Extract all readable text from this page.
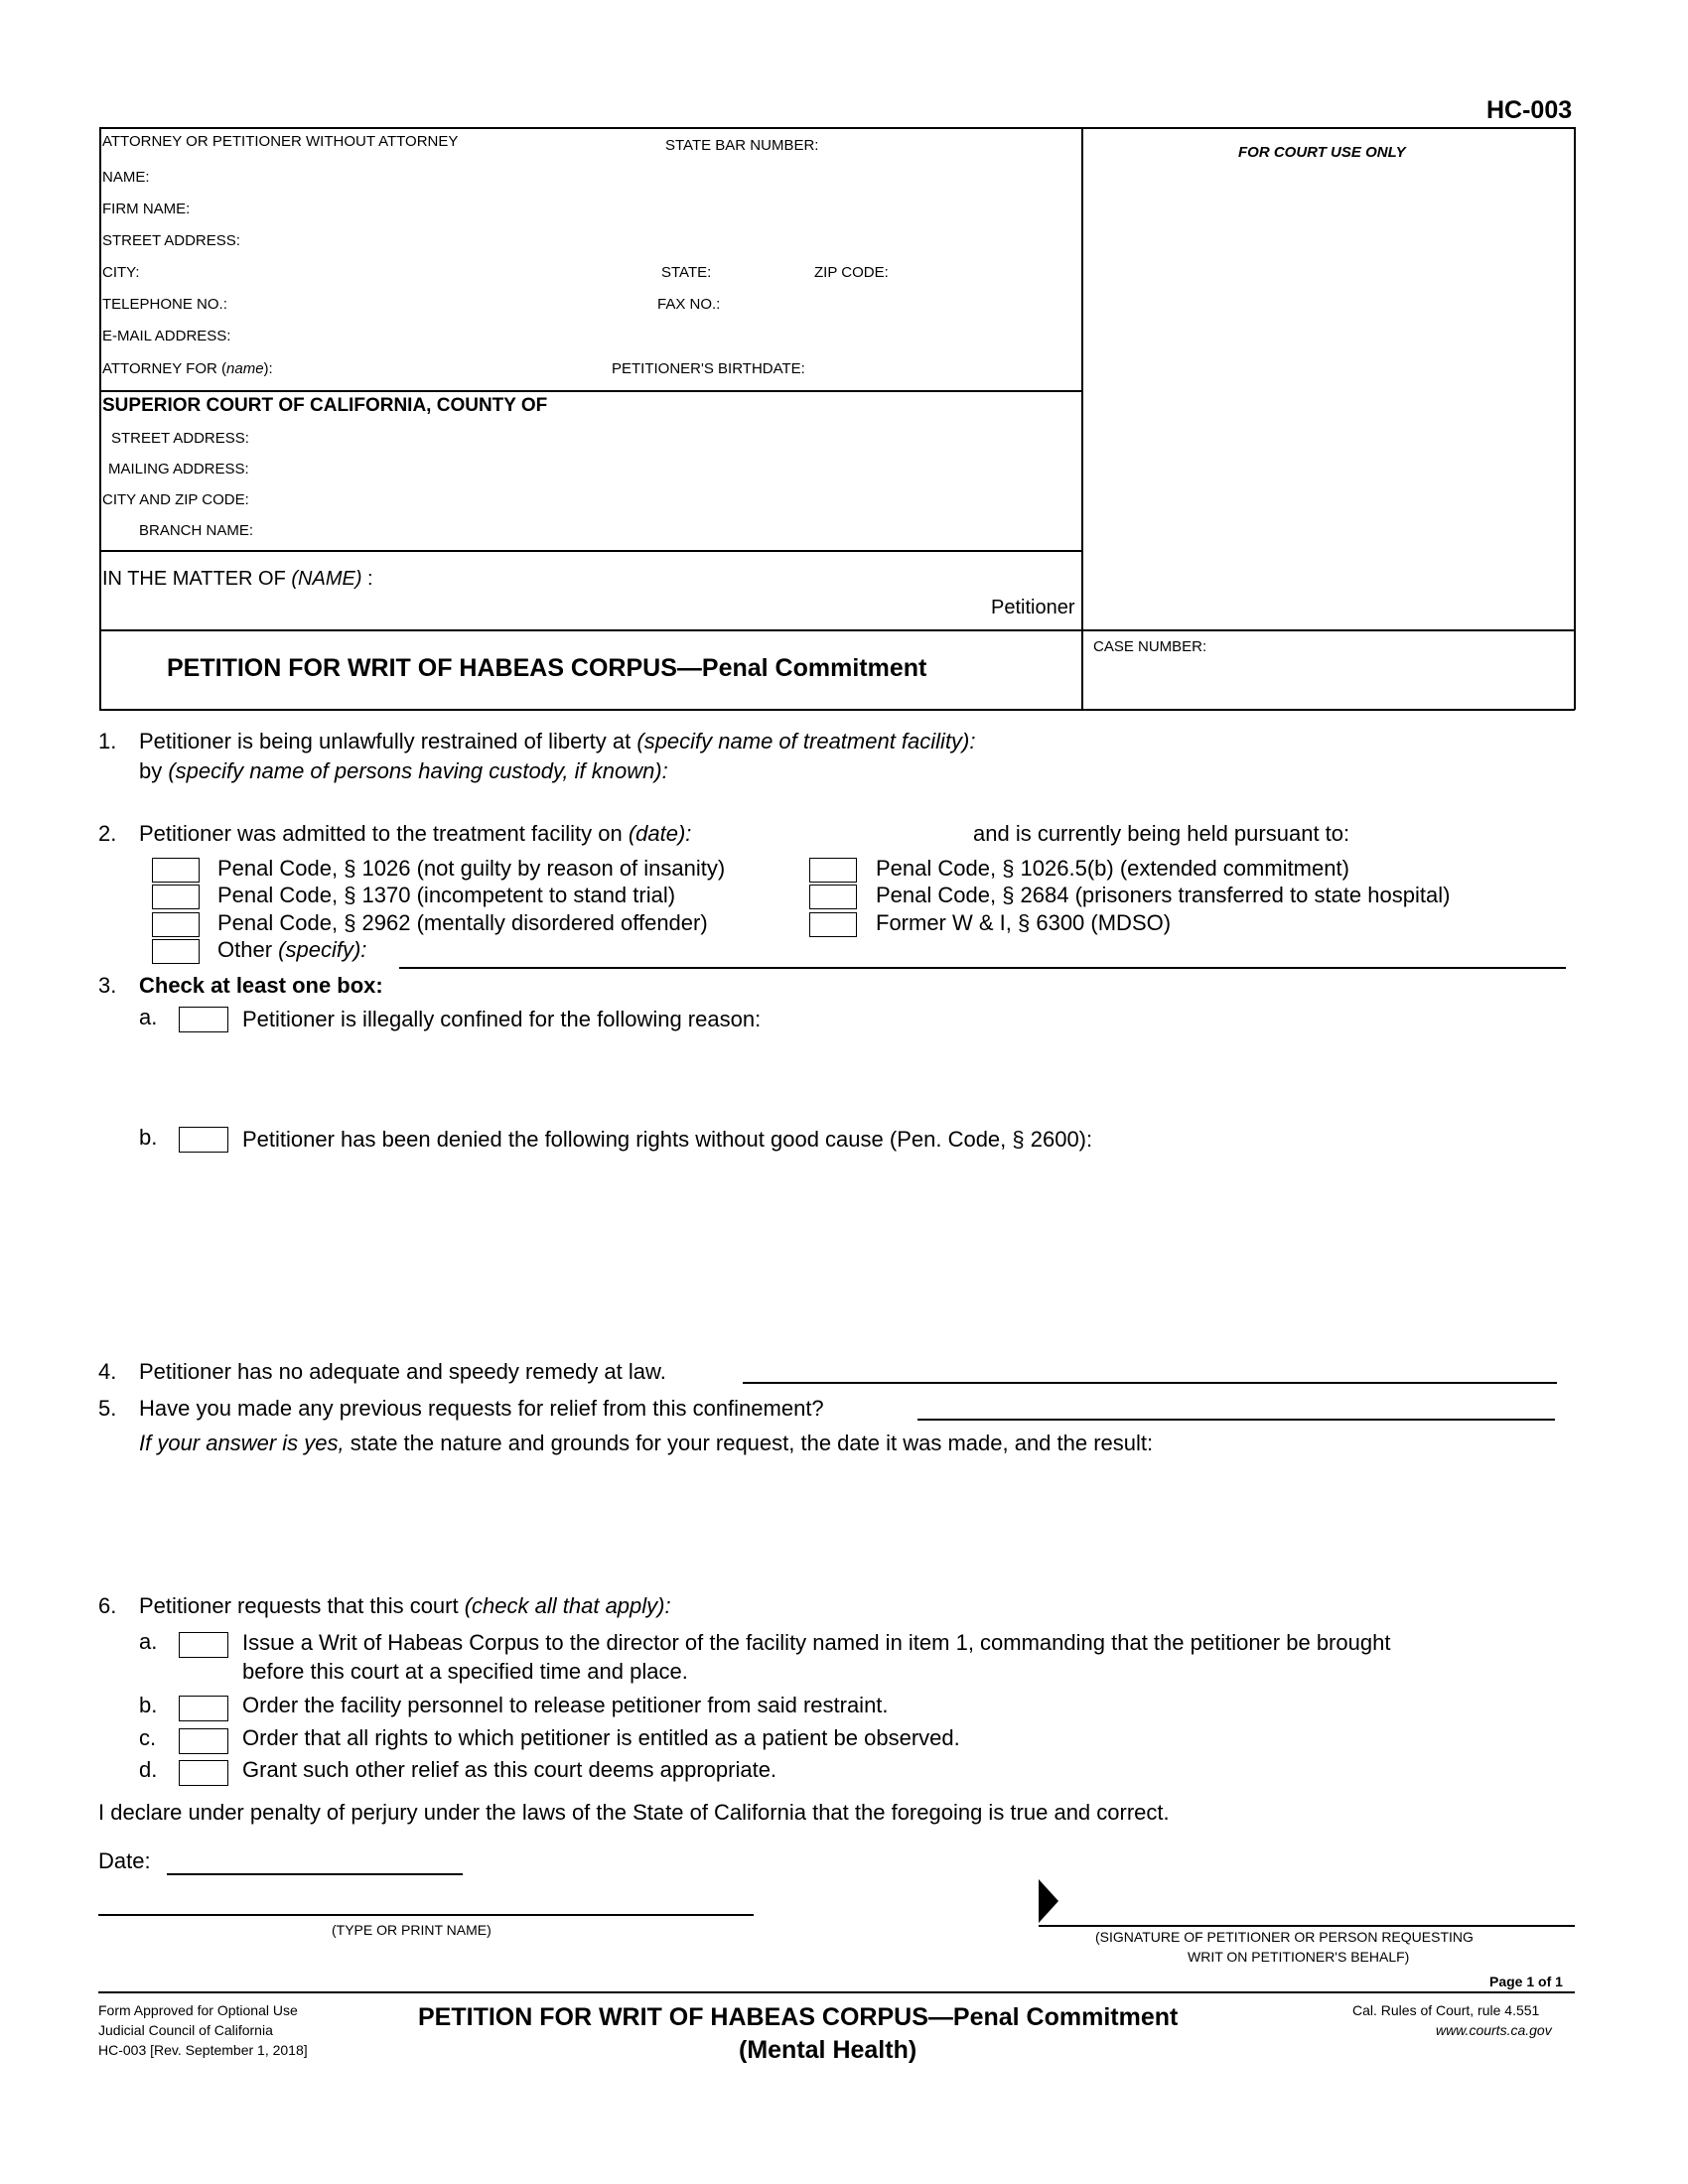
HC-003
ATTORNEY OR PETITIONER WITHOUT ATTORNEY	STATE BAR NUMBER:
NAME:
FIRM NAME:
STREET ADDRESS:
CITY:	STATE:	ZIP CODE:
TELEPHONE NO.:	FAX NO.:
E-MAIL ADDRESS:
ATTORNEY FOR (name):	PETITIONER'S BIRTHDATE:
FOR COURT USE ONLY
SUPERIOR COURT OF CALIFORNIA, COUNTY OF
STREET ADDRESS:
MAILING ADDRESS:
CITY AND ZIP CODE:
BRANCH NAME:
IN THE MATTER OF (NAME) :
Petitioner
PETITION FOR WRIT OF HABEAS CORPUS—Penal Commitment
CASE NUMBER:
1. Petitioner is being unlawfully restrained of liberty at (specify name of treatment facility):
by (specify name of persons having custody, if known):
2. Petitioner was admitted to the treatment facility on (date):	and is currently being held pursuant to:
Penal Code, § 1026 (not guilty by reason of insanity)
Penal Code, § 1370 (incompetent to stand trial)
Penal Code, § 2962 (mentally disordered offender)
Other (specify):
Penal Code, § 1026.5(b) (extended commitment)
Penal Code, § 2684 (prisoners transferred to state hospital)
Former W & I, § 6300 (MDSO)
3. Check at least one box:
a.	Petitioner is illegally confined for the following reason:
b.	Petitioner has been denied the following rights without good cause (Pen. Code, § 2600):
4. Petitioner has no adequate and speedy remedy at law.
5. Have you made any previous requests for relief from this confinement?
If your answer is yes, state the nature and grounds for your request, the date it was made, and the result:
6. Petitioner requests that this court (check all that apply):
a.	Issue a Writ of Habeas Corpus to the director of the facility named in item 1, commanding that the petitioner be brought
before this court at a specified time and place.
b.	Order the facility personnel to release petitioner from said restraint.
c.	Order that all rights to which petitioner is entitled as a patient be observed.
d.	Grant such other relief as this court deems appropriate.
I declare under penalty of perjury under the laws of the State of California that the foregoing is true and correct.
Date:
(TYPE OR PRINT NAME)	(SIGNATURE OF PETITIONER OR PERSON REQUESTING
WRIT ON PETITIONER'S BEHALF)
Page 1 of 1
Form Approved for Optional Use
Judicial Council of California
HC-003 [Rev. September 1, 2018]
PETITION FOR WRIT OF HABEAS CORPUS—Penal Commitment
(Mental Health)
Cal. Rules of Court, rule 4.551
www.courts.ca.gov
